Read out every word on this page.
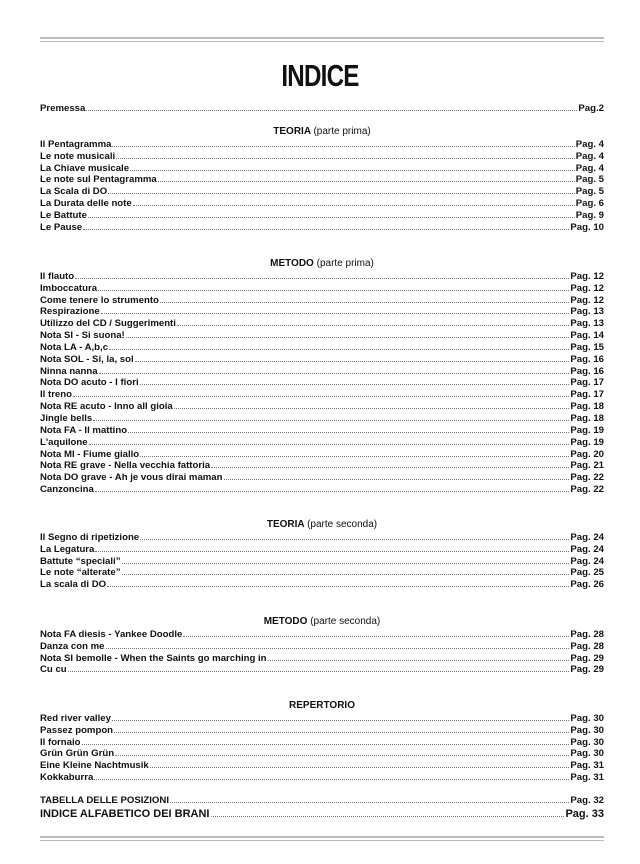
INDICE
Premessa	Pag.2
TEORIA (parte prima)
Il Pentagramma	Pag. 4
Le note musicali	Pag. 4
La Chiave musicale	Pag. 4
Le note sul Pentagramma	Pag. 5
La Scala di DO	Pag. 5
La Durata delle note	Pag. 6
Le Battute	Pag. 9
Le Pause	Pag. 10
METODO (parte prima)
Il flauto	Pag. 12
Imboccatura	Pag. 12
Come tenere lo strumento	Pag. 12
Respirazione	Pag. 13
Utilizzo del CD / Suggerimenti	Pag. 13
Nota SI - Si suona!	Pag. 14
Nota LA - A,b,c	Pag. 15
Nota SOL - Si, la, sol	Pag. 16
Ninna nanna	Pag. 16
Nota DO acuto - I fiori	Pag. 17
Il treno	Pag. 17
Nota RE acuto - Inno all gioia	Pag. 18
Jingle bells	Pag. 18
Nota FA - Il mattino	Pag. 19
L'aquilone	Pag. 19
Nota MI - Fiume giallo	Pag. 20
Nota RE grave - Nella vecchia fattoria	Pag. 21
Nota DO grave - Ah je vous dirai maman	Pag. 22
Canzoncina	Pag. 22
TEORIA (parte seconda)
Il Segno di ripetizione	Pag. 24
La Legatura	Pag. 24
Battute “speciali”	Pag. 24
Le note “alterate”	Pag. 25
La scala di DO	Pag. 26
METODO (parte seconda)
Nota FA diesis - Yankee Doodle	Pag. 28
Danza con me	Pag. 28
Nota SI bemolle - When the Saints go marching in	Pag. 29
Cu cu	Pag. 29
REPERTORIO
Red river valley	Pag. 30
Passez pompon	Pag. 30
Il fornaio	Pag. 30
Grün Grün Grün	Pag. 30
Eine Kleine Nachtmusik	Pag. 31
Kokkaburra	Pag. 31
TABELLA DELLE POSIZIONI	Pag. 32
INDICE ALFABETICO DEI BRANI	Pag. 33
